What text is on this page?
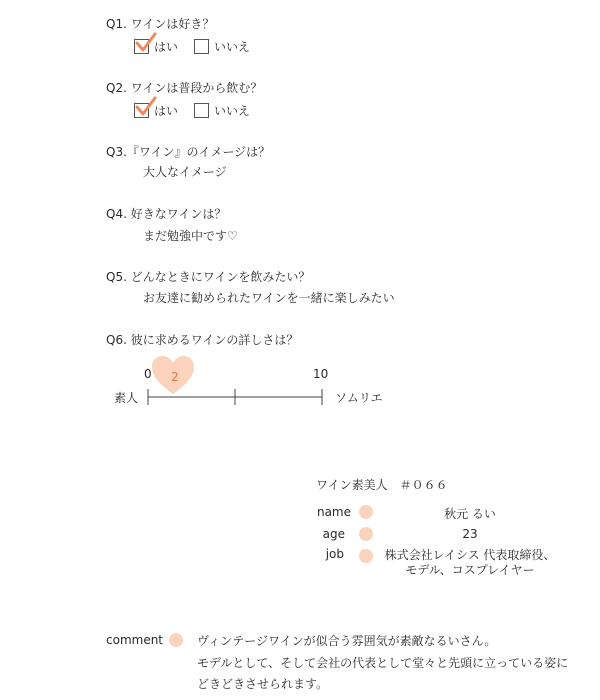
Q1. ワインは好き？
はい	いいえ
Q2. ワインは普段から飲む？
はい	いいえ
Q3.『ワイン』のイメージは？
大人なイメージ
Q4. 好きなワインは？
まだ勉強中です♡
Q5. どんなときにワインを飲みたい？
お友達に勧められたワインを一緒に楽しみたい
Q6. 彼に求めるワインの詳しさは？
2
0	10
素人	ソムリエ
ワイン素美人　＃０６６
name	秋元 るい
age	23
job	株式会社レイシス 代表取締役、
モデル、コスプレイヤー
comment	ヴィンテージワインが似合う雰囲気が素敵なるいさん。
モデルとして、そして会社の代表として堂々と先頭に立っている姿に
どきどきさせられます。
